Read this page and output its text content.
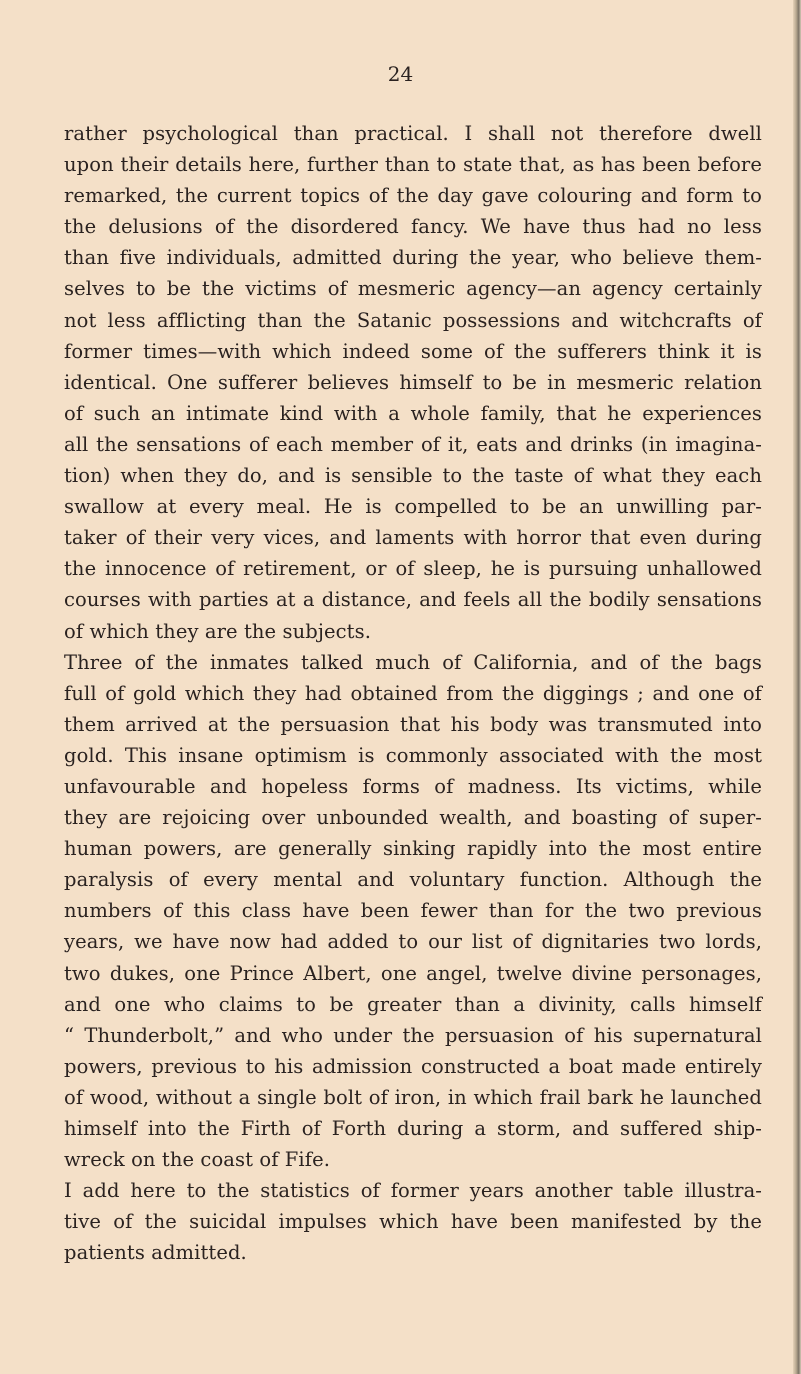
24
rather psychological than practical. I shall not therefore dwell
upon their details here, further than to state that, as has been before
remarked, the current topics of the day gave colouring and form to
the delusions of the disordered fancy. We have thus had no less
than five individuals, admitted during the year, who believe them-
selves to be the victims of mesmeric agency—an agency certainly
not less afflicting than the Satanic possessions and witchcrafts of
former times—with which indeed some of the sufferers think it is
identical. One sufferer believes himself to be in mesmeric relation
of such an intimate kind with a whole family, that he experiences
all the sensations of each member of it, eats and drinks (in imagina-
tion) when they do, and is sensible to the taste of what they each
swallow at every meal. He is compelled to be an unwilling par-
taker of their very vices, and laments with horror that even during
the innocence of retirement, or of sleep, he is pursuing unhallowed
courses with parties at a distance, and feels all the bodily sensations
of which they are the subjects.
Three of the inmates talked much of California, and of the bags
full of gold which they had obtained from the diggings ; and one of
them arrived at the persuasion that his body was transmuted into
gold. This insane optimism is commonly associated with the most
unfavourable and hopeless forms of madness. Its victims, while
they are rejoicing over unbounded wealth, and boasting of super-
human powers, are generally sinking rapidly into the most entire
paralysis of every mental and voluntary function. Although the
numbers of this class have been fewer than for the two previous
years, we have now had added to our list of dignitaries two lords,
two dukes, one Prince Albert, one angel, twelve divine personages,
and one who claims to be greater than a divinity, calls himself
“ Thunderbolt,” and who under the persuasion of his supernatural
powers, previous to his admission constructed a boat made entirely
of wood, without a single bolt of iron, in which frail bark he launched
himself into the Firth of Forth during a storm, and suffered ship-
wreck on the coast of Fife.
I add here to the statistics of former years another table illustra-
tive of the suicidal impulses which have been manifested by the
patients admitted.
